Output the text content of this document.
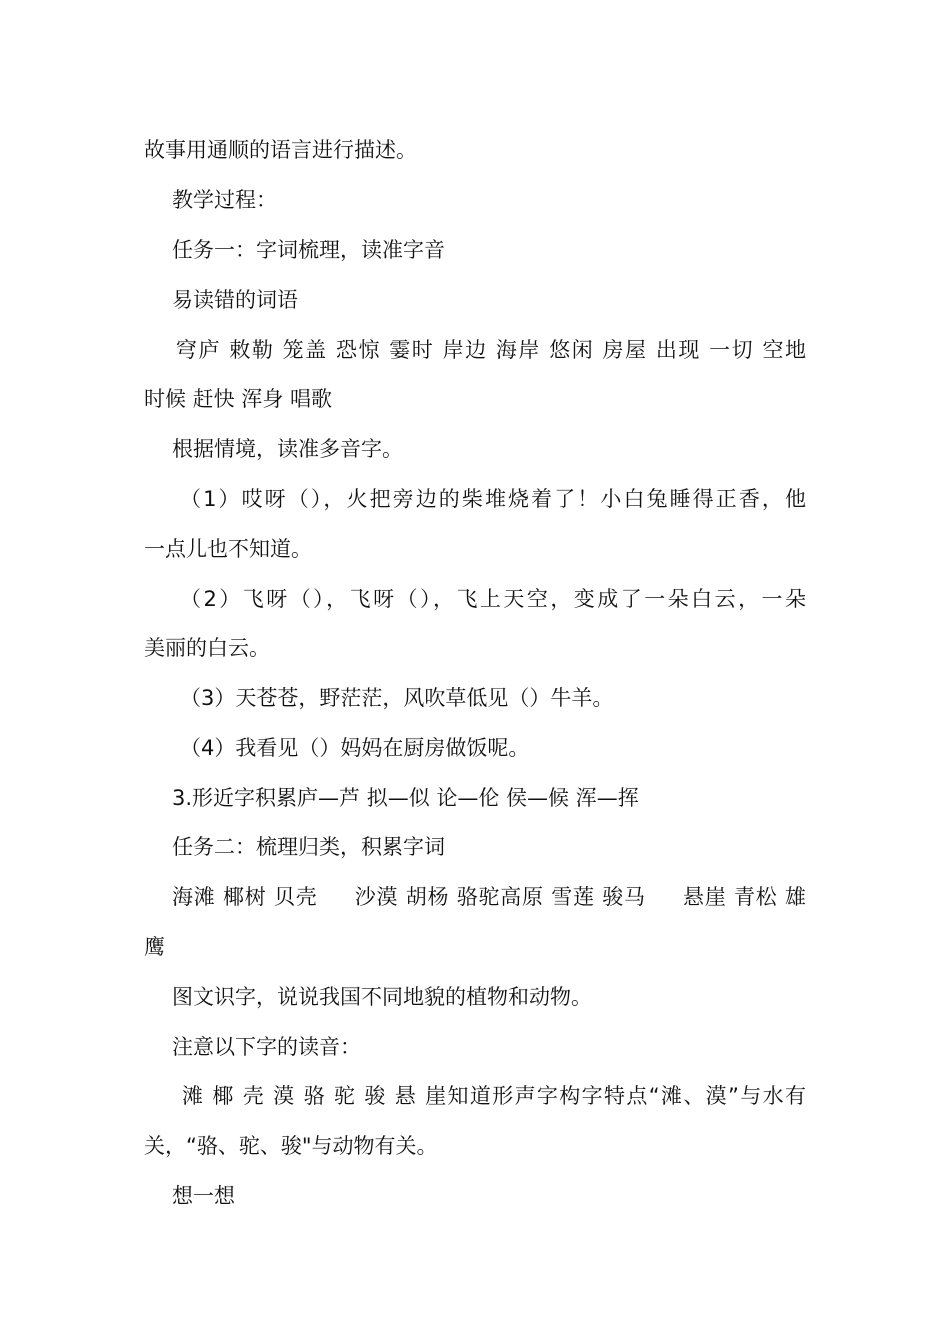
故事用通顺的语言进行描述。
教学过程：
任务一：字词梳理，读准字音
易读错的词语
穹庐 敕勒 笼盖 恐惊 霎时 岸边 海岸 悠闲 房屋 出现 一切 空地
时候 赶快 浑身 唱歌
根据情境，读准多音字。
（1）哎呀（），火把旁边的柴堆烧着了！小白兔睡得正香，他
一点儿也不知道。
（2）飞呀（），飞呀（），飞上天空，变成了一朵白云，一朵
美丽的白云。
（3）天苍苍，野茫茫，风吹草低见（）牛羊。
（4）我看见（）妈妈在厨房做饭呢。
3.形近字积累庐—芦 拟—似 论—伦 侯—候 浑—挥
任务二：梳理归类，积累字词
海滩 椰树 贝壳     沙漠 胡杨 骆驼高原 雪莲 骏马     悬崖 青松 雄
鹰
图文识字，说说我国不同地貌的植物和动物。
注意以下字的读音：
滩 椰 壳 漠 骆 驼 骏 悬 崖知道形声字构字特点“滩、漠”与水有
关，“骆、驼、骏"与动物有关。
想一想
